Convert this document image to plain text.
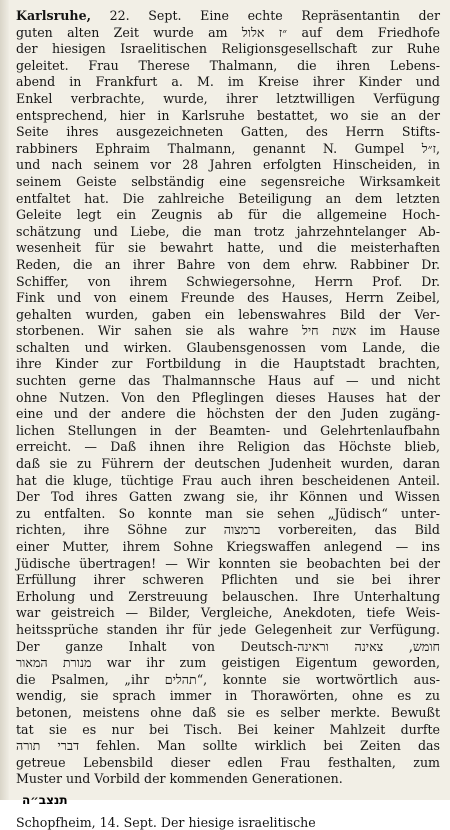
Karlsruhe, 22. Sept. Eine echte Repräsentantin der
guten alten Zeit wurde am ״ז אלול auf dem Friedhofe
der hiesigen Israelitischen Religionsgesellschaft zur Ruhe
geleitet. Frau Therese Thalmann, die ihren Lebens-
abend in Frankfurt a. M. im Kreise ihrer Kinder und
Enkel verbrachte, wurde, ihrer letztwilligen Verfügung
entsprechend, hier in Karlsruhe bestattet, wo sie an der
Seite ihres ausgezeichneten Gatten, des Herrn Stifts-
rabbiners Ephraim Thalmann, genannt N. Gumpel ז״ל,
und nach seinem vor 28 Jahren erfolgten Hinscheiden, in
seinem Geiste selbständig eine segensreiche Wirksamkeit
entfaltet hat. Die zahlreiche Beteiligung an dem letzten
Geleite legt ein Zeugnis ab für die allgemeine Hoch-
schätzung und Liebe, die man trotz jahrzehntelanger Ab-
wesenheit für sie bewahrt hatte, und die meisterhaften
Reden, die an ihrer Bahre von dem ehrw. Rabbiner Dr.
Schiffer, von ihrem Schwiegersohne, Herrn Prof. Dr.
Fink und von einem Freunde des Hauses, Herrn Zeibel,
gehalten wurden, gaben ein lebenswahres Bild der Ver-
storbenen. Wir sahen sie als wahre אשת חיל im Hause
schalten und wirken. Glaubensgenossen vom Lande, die
ihre Kinder zur Fortbildung in die Hauptstadt brachten,
suchten gerne das Thalmannsche Haus auf — und nicht
ohne Nutzen. Von den Pfleglingen dieses Hauses hat der
eine und der andere die höchsten der den Juden zugäng-
lichen Stellungen in der Beamten- und Gelehrtenlaufbahn
erreicht. — Daß ihnen ihre Religion das Höchste blieb,
daß sie zu Führern der deutschen Judenheit wurden, daran
hat die kluge, tüchtige Frau auch ihren bescheidenen Anteil.
Der Tod ihres Gatten zwang sie, ihr Können und Wissen
zu entfalten. So konnte man sie sehen „Jüdisch“ unter-
richten, ihre Söhne zur ברמצוה vorbereiten, das Bild
einer Mutter, ihrem Sohne Kriegswaffen anlegend — ins
Jüdische übertragen! — Wir konnten sie beobachten bei der
Erfüllung ihrer schweren Pflichten und sie bei ihrer
Erholung und Zerstreuung belauschen. Ihre Unterhaltung
war geistreich — Bilder, Vergleiche, Anekdoten, tiefe Weis-
heitssprüche standen ihr für jede Gelegenheit zur Verfügung.
Der ganze Inhalt von Deutsch-חומש, צאינה וראינה
מנורת המאור war ihr zum geistigen Eigentum geworden,
die Psalmen, „ihr תהלים“, konnte sie wortwörtlich aus-
wendig, sie sprach immer in Thorawörten, ohne es zu
betonen, meistens ohne daß sie es selber merkte. Bewußt
tat sie es nur bei Tisch. Bei keiner Mahlzeit durfte
דברי תורה fehlen. Man sollte wirklich bei Zeiten das
getreue Lebensbild dieser edlen Frau festhalten, zum
Muster und Vorbild der kommenden Generationen.
תנצב״ה
Schopfheim, 14. Sept. Der hiesige israelitische
